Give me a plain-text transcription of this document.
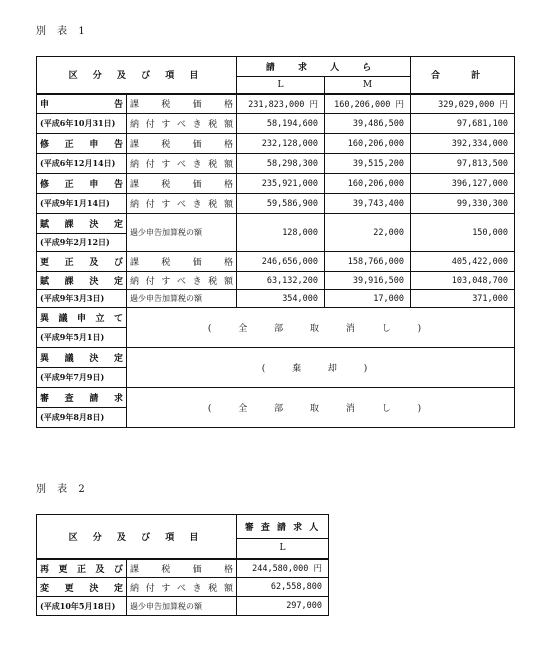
別 表 1
区 分 及 び 項 目		請 求 人 ら		合 計
		L	M	
申 告	課 税 価 格	231,823,000 円	160,206,000 円	329,029,000 円
(平成6年10月31日)	納付すべき税額	58,194,600	39,486,500	97,681,100
修 正 申 告	課 税 価 格	232,128,000	160,206,000	392,334,000
(平成6年12月14日)	納付すべき税額	58,298,300	39,515,200	97,813,500
修 正 申 告	課 税 価 格	235,921,000	160,206,000	396,127,000
(平成9年1月14日)	納付すべき税額	59,586,900	39,743,400	99,330,300
賦 課 決 定	過少申告加算税の額	128,000	22,000	150,000
(平成9年2月12日)				
更 正 及 び	課 税 価 格	246,656,000	158,766,000	405,422,000
賦 課 決 定	納付すべき税額	63,132,200	39,916,500	103,048,700
(平成9年3月3日)	過少申告加算税の額	354,000	17,000	371,000
異 議 申 立 て	( 全 部 取 消 し )			
(平成9年5月1日)				
異 議 決 定	( 棄 却 )			
(平成9年7月9日)				
審 査 請 求	( 全 部 取 消 し )			
(平成9年8月8日)				
別 表 2
区 分 及 び 項 目		審 査 請 求 人
		L
再 更 正 及 び	課 税 価 格	244,580,000 円
変 更 決 定	納付すべき税額	62,558,800
(平成10年5月18日)	過少申告加算税の額	297,000
